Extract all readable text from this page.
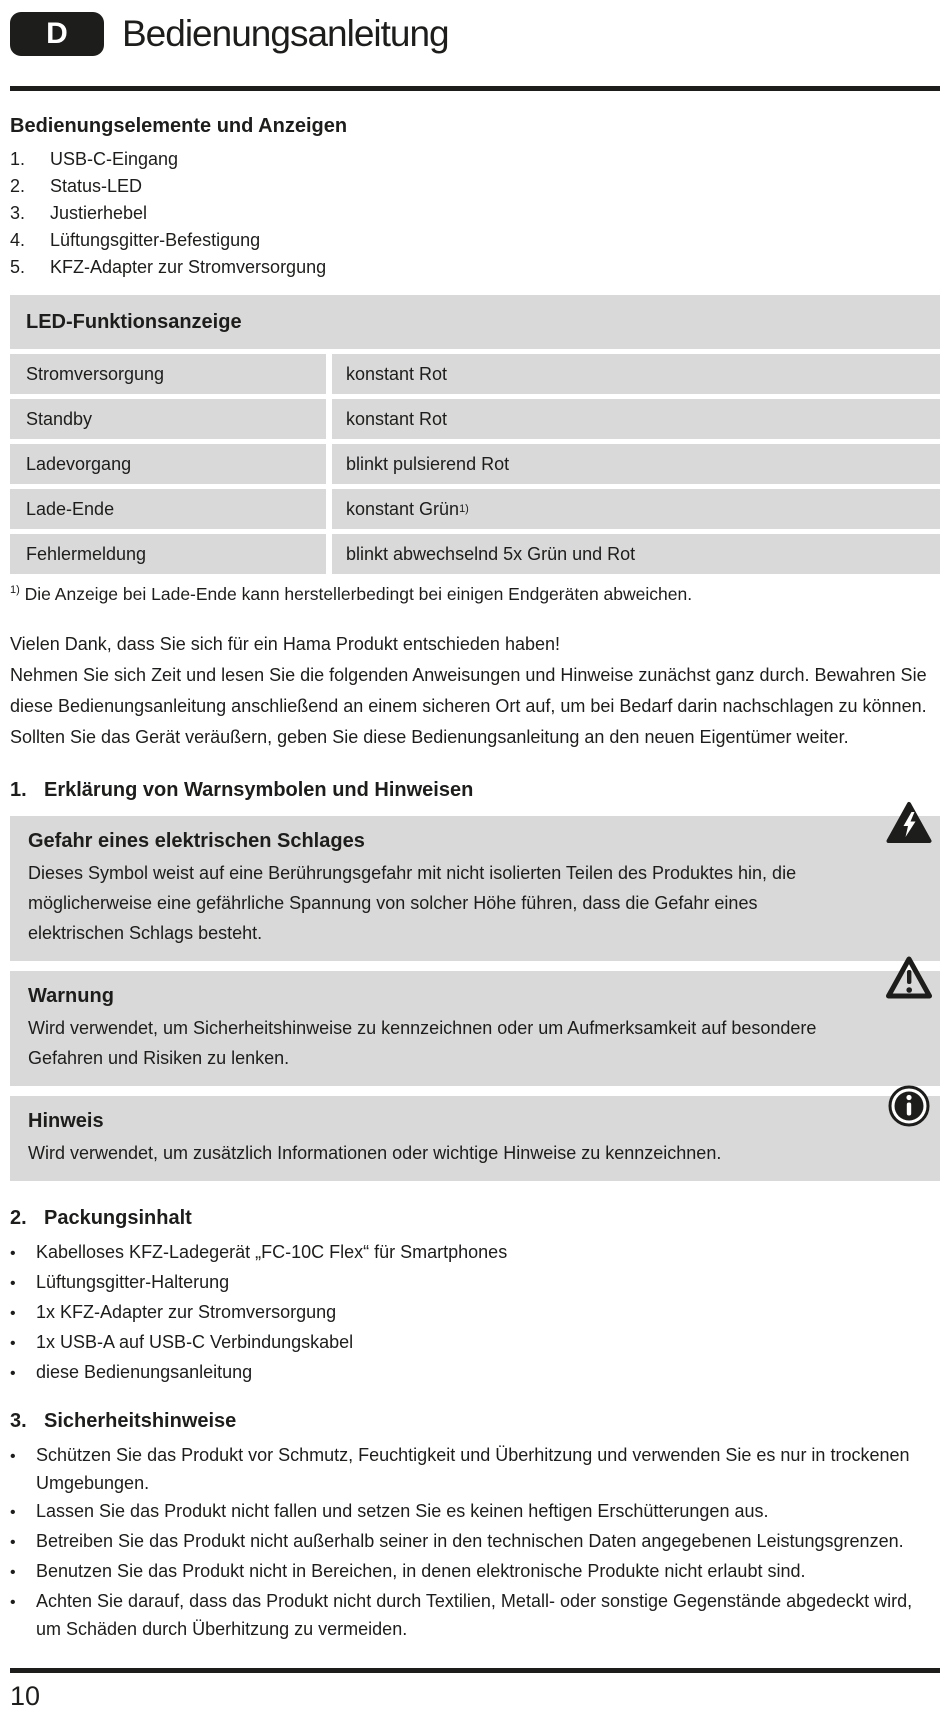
D Bedienungsanleitung
Bedienungselemente und Anzeigen
1.	USB-C-Eingang
2.	Status-LED
3.	Justierhebel
4.	Lüftungsgitter-Befestigung
5.	KFZ-Adapter zur Stromversorgung
LED-Funktionsanzeige
Stromversorgung	konstant Rot
Standby	konstant Rot
Ladevorgang	blinkt pulsierend Rot
Lade-Ende	konstant Grün 1)
Fehlermeldung	blinkt abwechselnd 5x Grün und Rot
$^{1)}$ Die Anzeige bei Lade-Ende kann herstellerbedingt bei einigen Endgeräten abweichen.
Vielen Dank, dass Sie sich für ein Hama Produkt entschieden haben!
Nehmen Sie sich Zeit und lesen Sie die folgenden Anweisungen und Hinweise zunächst ganz durch. Bewahren Sie diese Bedienungsanleitung anschließend an einem sicheren Ort auf, um bei Bedarf darin nachschlagen zu können. Sollten Sie das Gerät veräußern, geben Sie diese Bedienungsanleitung an den neuen Eigentümer weiter.
1. Erklärung von Warnsymbolen und Hinweisen
Gefahr eines elektrischen Schlages
Dieses Symbol weist auf eine Berührungsgefahr mit nicht isolierten Teilen des Produktes hin, die möglicherweise eine gefährliche Spannung von solcher Höhe führen, dass die Gefahr eines elektrischen Schlags besteht.
Warnung
Wird verwendet, um Sicherheitshinweise zu kennzeichnen oder um Aufmerksamkeit auf besondere Gefahren und Risiken zu lenken.
Hinweis
Wird verwendet, um zusätzlich Informationen oder wichtige Hinweise zu kennzeichnen.
2. Packungsinhalt
•
Kabelloses KFZ-Ladegerät „FC-10C Flex“ für Smartphones
•
Lüftungsgitter-Halterung
•
1x KFZ-Adapter zur Stromversorgung
•
1x USB-A auf USB-C Verbindungskabel
•
diese Bedienungsanleitung
3. Sicherheitshinweise
•
Schützen Sie das Produkt vor Schmutz, Feuchtigkeit und Überhitzung und verwenden Sie es nur in trockenen Umgebungen.
•
Lassen Sie das Produkt nicht fallen und setzen Sie es keinen heftigen Erschütterungen aus.
•
Betreiben Sie das Produkt nicht außerhalb seiner in den technischen Daten angegebenen Leistungsgrenzen.
•
Benutzen Sie das Produkt nicht in Bereichen, in denen elektronische Produkte nicht erlaubt sind.
•
Achten Sie darauf, dass das Produkt nicht durch Textilien, Metall- oder sonstige Gegenstände abgedeckt wird, um Schäden durch Überhitzung zu vermeiden.
10
